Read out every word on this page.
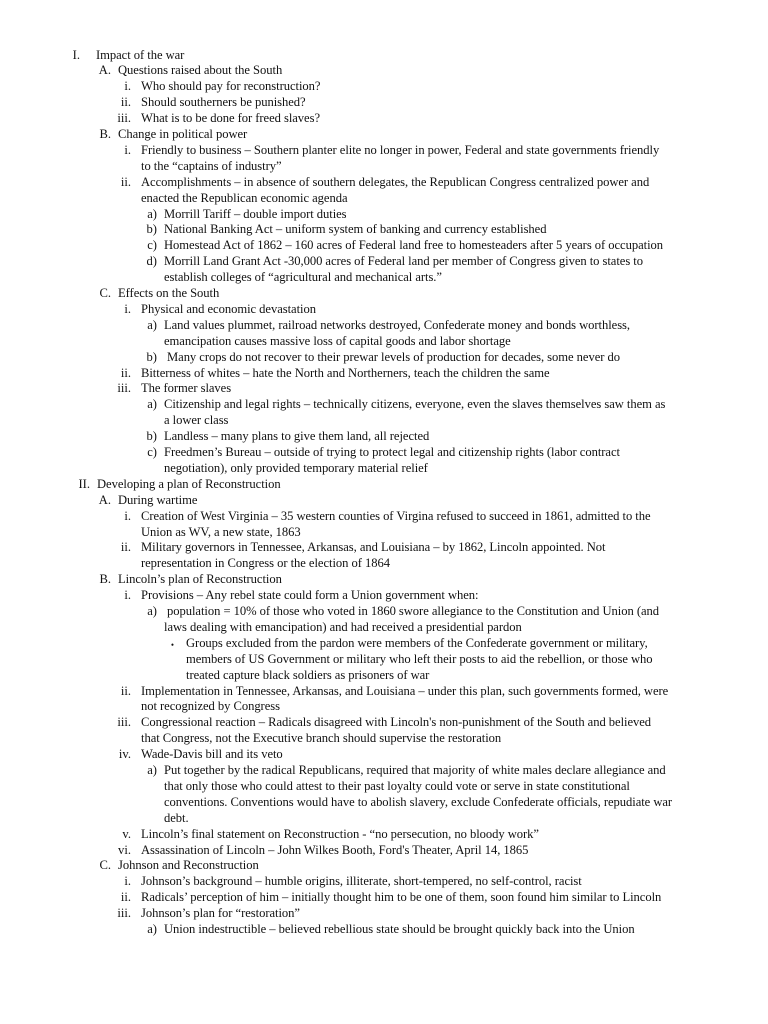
I. Impact of the war
A. Questions raised about the South
i. Who should pay for reconstruction?
ii. Should southerners be punished?
iii. What is to be done for freed slaves?
B. Change in political power
i. Friendly to business – Southern planter elite no longer in power, Federal and state governments friendly
to the “captains of industry”
ii. Accomplishments – in absence of southern delegates, the Republican Congress centralized power and
enacted the Republican economic agenda
a) Morrill Tariff – double import duties
b) National Banking Act – uniform system of banking and currency established
c) Homestead Act of 1862 – 160 acres of Federal land free to homesteaders after 5 years of occupation
d) Morrill Land Grant Act -30,000 acres of Federal land per member of Congress given to states to
establish colleges of “agricultural and mechanical arts.”
C. Effects on the South
i. Physical and economic devastation
a) Land values plummet, railroad networks destroyed, Confederate money and bonds worthless,
emancipation causes massive loss of capital goods and labor shortage
b) Many crops do not recover to their prewar levels of production for decades, some never do
ii. Bitterness of whites – hate the North and Northerners, teach the children the same
iii. The former slaves
a) Citizenship and legal rights – technically citizens, everyone, even the slaves themselves saw them as
a lower class
b) Landless – many plans to give them land, all rejected
c) Freedmen’s Bureau – outside of trying to protect legal and citizenship rights (labor contract
negotiation), only provided temporary material relief
II. Developing a plan of Reconstruction
A. During wartime
i. Creation of West Virginia – 35 western counties of Virgina refused to succeed in 1861, admitted to the
Union as WV, a new state, 1863
ii. Military governors in Tennessee, Arkansas, and Louisiana – by 1862, Lincoln appointed. Not
representation in Congress or the election of 1864
B. Lincoln’s plan of Reconstruction
i. Provisions – Any rebel state could form a Union government when:
a) population = 10% of those who voted in 1860 swore allegiance to the Constitution and Union (and
laws dealing with emancipation) and had received a presidential pardon
• Groups excluded from the pardon were members of the Confederate government or military,
members of US Government or military who left their posts to aid the rebellion, or those who
treated capture black soldiers as prisoners of war
ii. Implementation in Tennessee, Arkansas, and Louisiana – under this plan, such governments formed, were
not recognized by Congress
iii. Congressional reaction – Radicals disagreed with Lincoln's non-punishment of the South and believed
that Congress, not the Executive branch should supervise the restoration
iv. Wade-Davis bill and its veto
a) Put together by the radical Republicans, required that majority of white males declare allegiance and
that only those who could attest to their past loyalty could vote or serve in state constitutional
conventions. Conventions would have to abolish slavery, exclude Confederate officials, repudiate war
debt.
v. Lincoln’s final statement on Reconstruction - “no persecution, no bloody work”
vi. Assassination of Lincoln – John Wilkes Booth, Ford's Theater, April 14, 1865
C. Johnson and Reconstruction
i. Johnson’s background – humble origins, illiterate, short-tempered, no self-control, racist
ii. Radicals’ perception of him – initially thought him to be one of them, soon found him similar to Lincoln
iii. Johnson’s plan for “restoration”
a) Union indestructible – believed rebellious state should be brought quickly back into the Union
